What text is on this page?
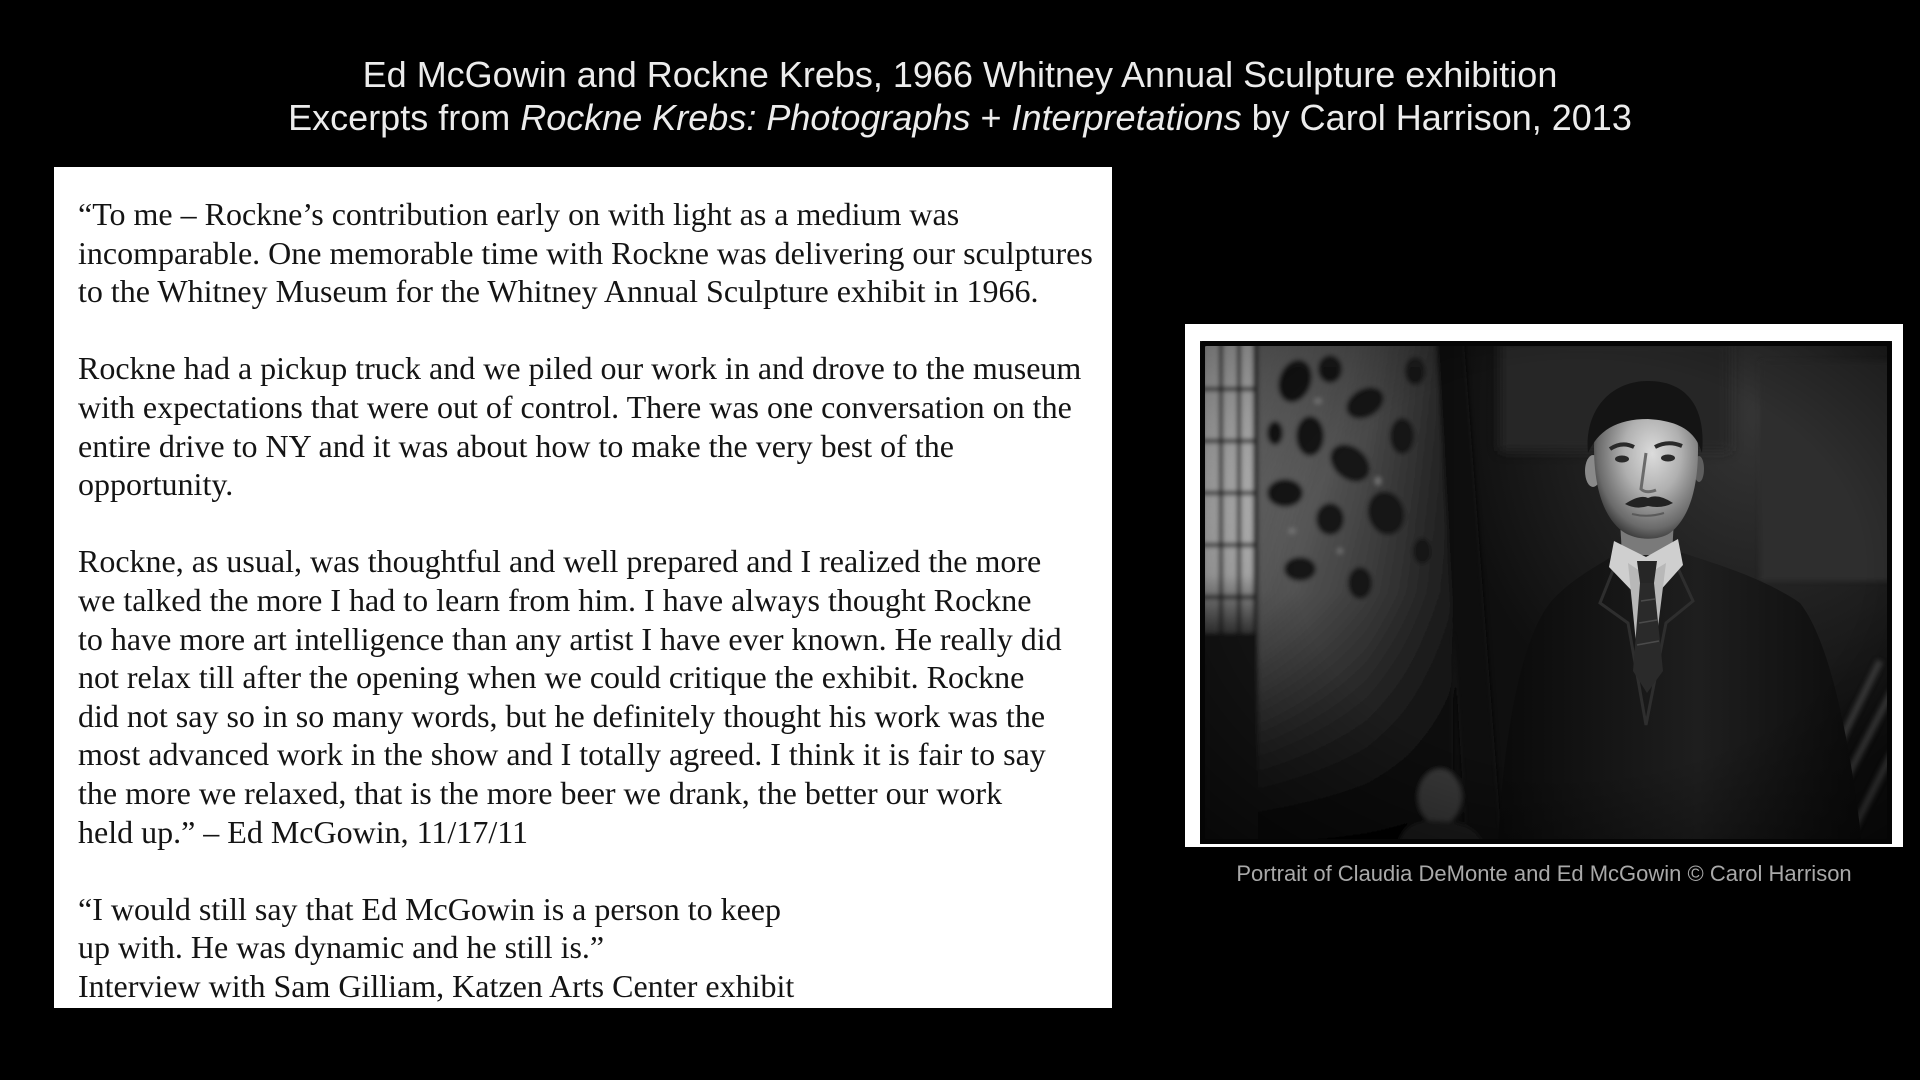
Ed McGowin and Rockne Krebs, 1966 Whitney Annual Sculpture exhibition
Excerpts from Rockne Krebs: Photographs + Interpretations by Carol Harrison, 2013
“To me – Rockne’s contribution early on with light as a medium was
incomparable. One memorable time with Rockne was delivering our sculptures
to the Whitney Museum for the Whitney Annual Sculpture exhibit in 1966.
Rockne had a pickup truck and we piled our work in and drove to the museum
with expectations that were out of control. There was one conversation on the
entire drive to NY and it was about how to make the very best of the
opportunity.
Rockne, as usual, was thoughtful and well prepared and I realized the more
we talked the more I had to learn from him. I have always thought Rockne
to have more art intelligence than any artist I have ever known. He really did
not relax till after the opening when we could critique the exhibit. Rockne
did not say so in so many words, but he definitely thought his work was the
most advanced work in the show and I totally agreed. I think it is fair to say
the more we relaxed, that is the more beer we drank, the better our work
held up.” – Ed McGowin, 11/17/11
“I would still say that Ed McGowin is a person to keep
up with. He was dynamic and he still is.”
Interview with Sam Gilliam, Katzen Arts Center exhibit
Portrait of Claudia DeMonte and Ed McGowin © Carol Harrison
